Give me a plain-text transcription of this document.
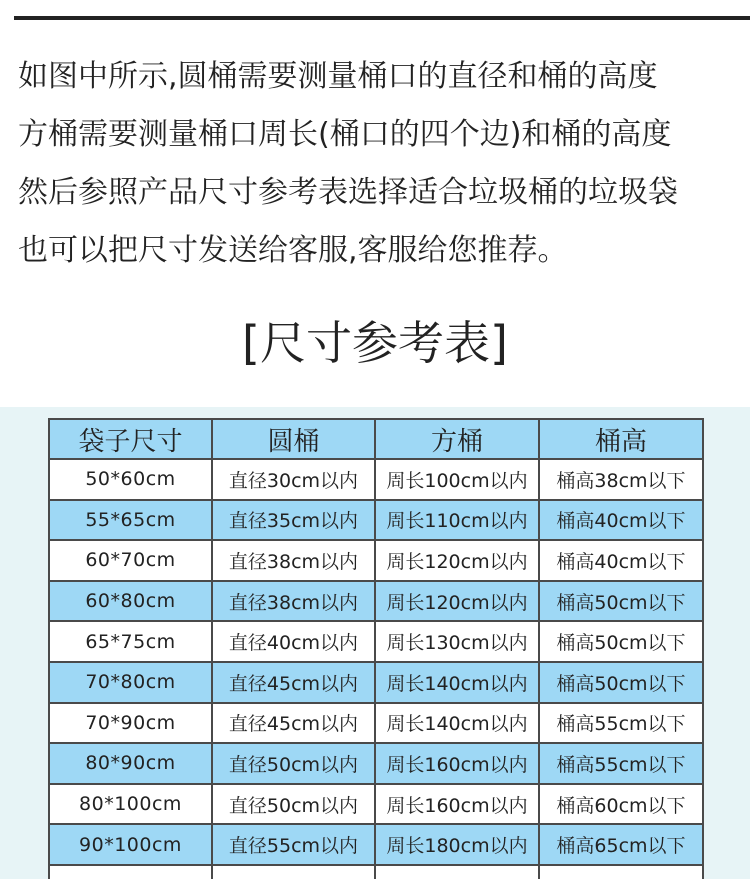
如图中所示,圆桶需要测量桶口的直径和桶的高度
方桶需要测量桶口周长(桶口的四个边)和桶的高度
然后参照产品尺寸参考表选择适合垃圾桶的垃圾袋
也可以把尺寸发送给客服,客服给您推荐。
[尺寸参考表]
袋子尺寸	圆桶	方桶	桶高
50*60cm	直径30cm以内	周长100cm以内	桶高38cm以下
55*65cm	直径35cm以内	周长110cm以内	桶高40cm以下
60*70cm	直径38cm以内	周长120cm以内	桶高40cm以下
60*80cm	直径38cm以内	周长120cm以内	桶高50cm以下
65*75cm	直径40cm以内	周长130cm以内	桶高50cm以下
70*80cm	直径45cm以内	周长140cm以内	桶高50cm以下
70*90cm	直径45cm以内	周长140cm以内	桶高55cm以下
80*90cm	直径50cm以内	周长160cm以内	桶高55cm以下
80*100cm	直径50cm以内	周长160cm以内	桶高60cm以下
90*100cm	直径55cm以内	周长180cm以内	桶高65cm以下
